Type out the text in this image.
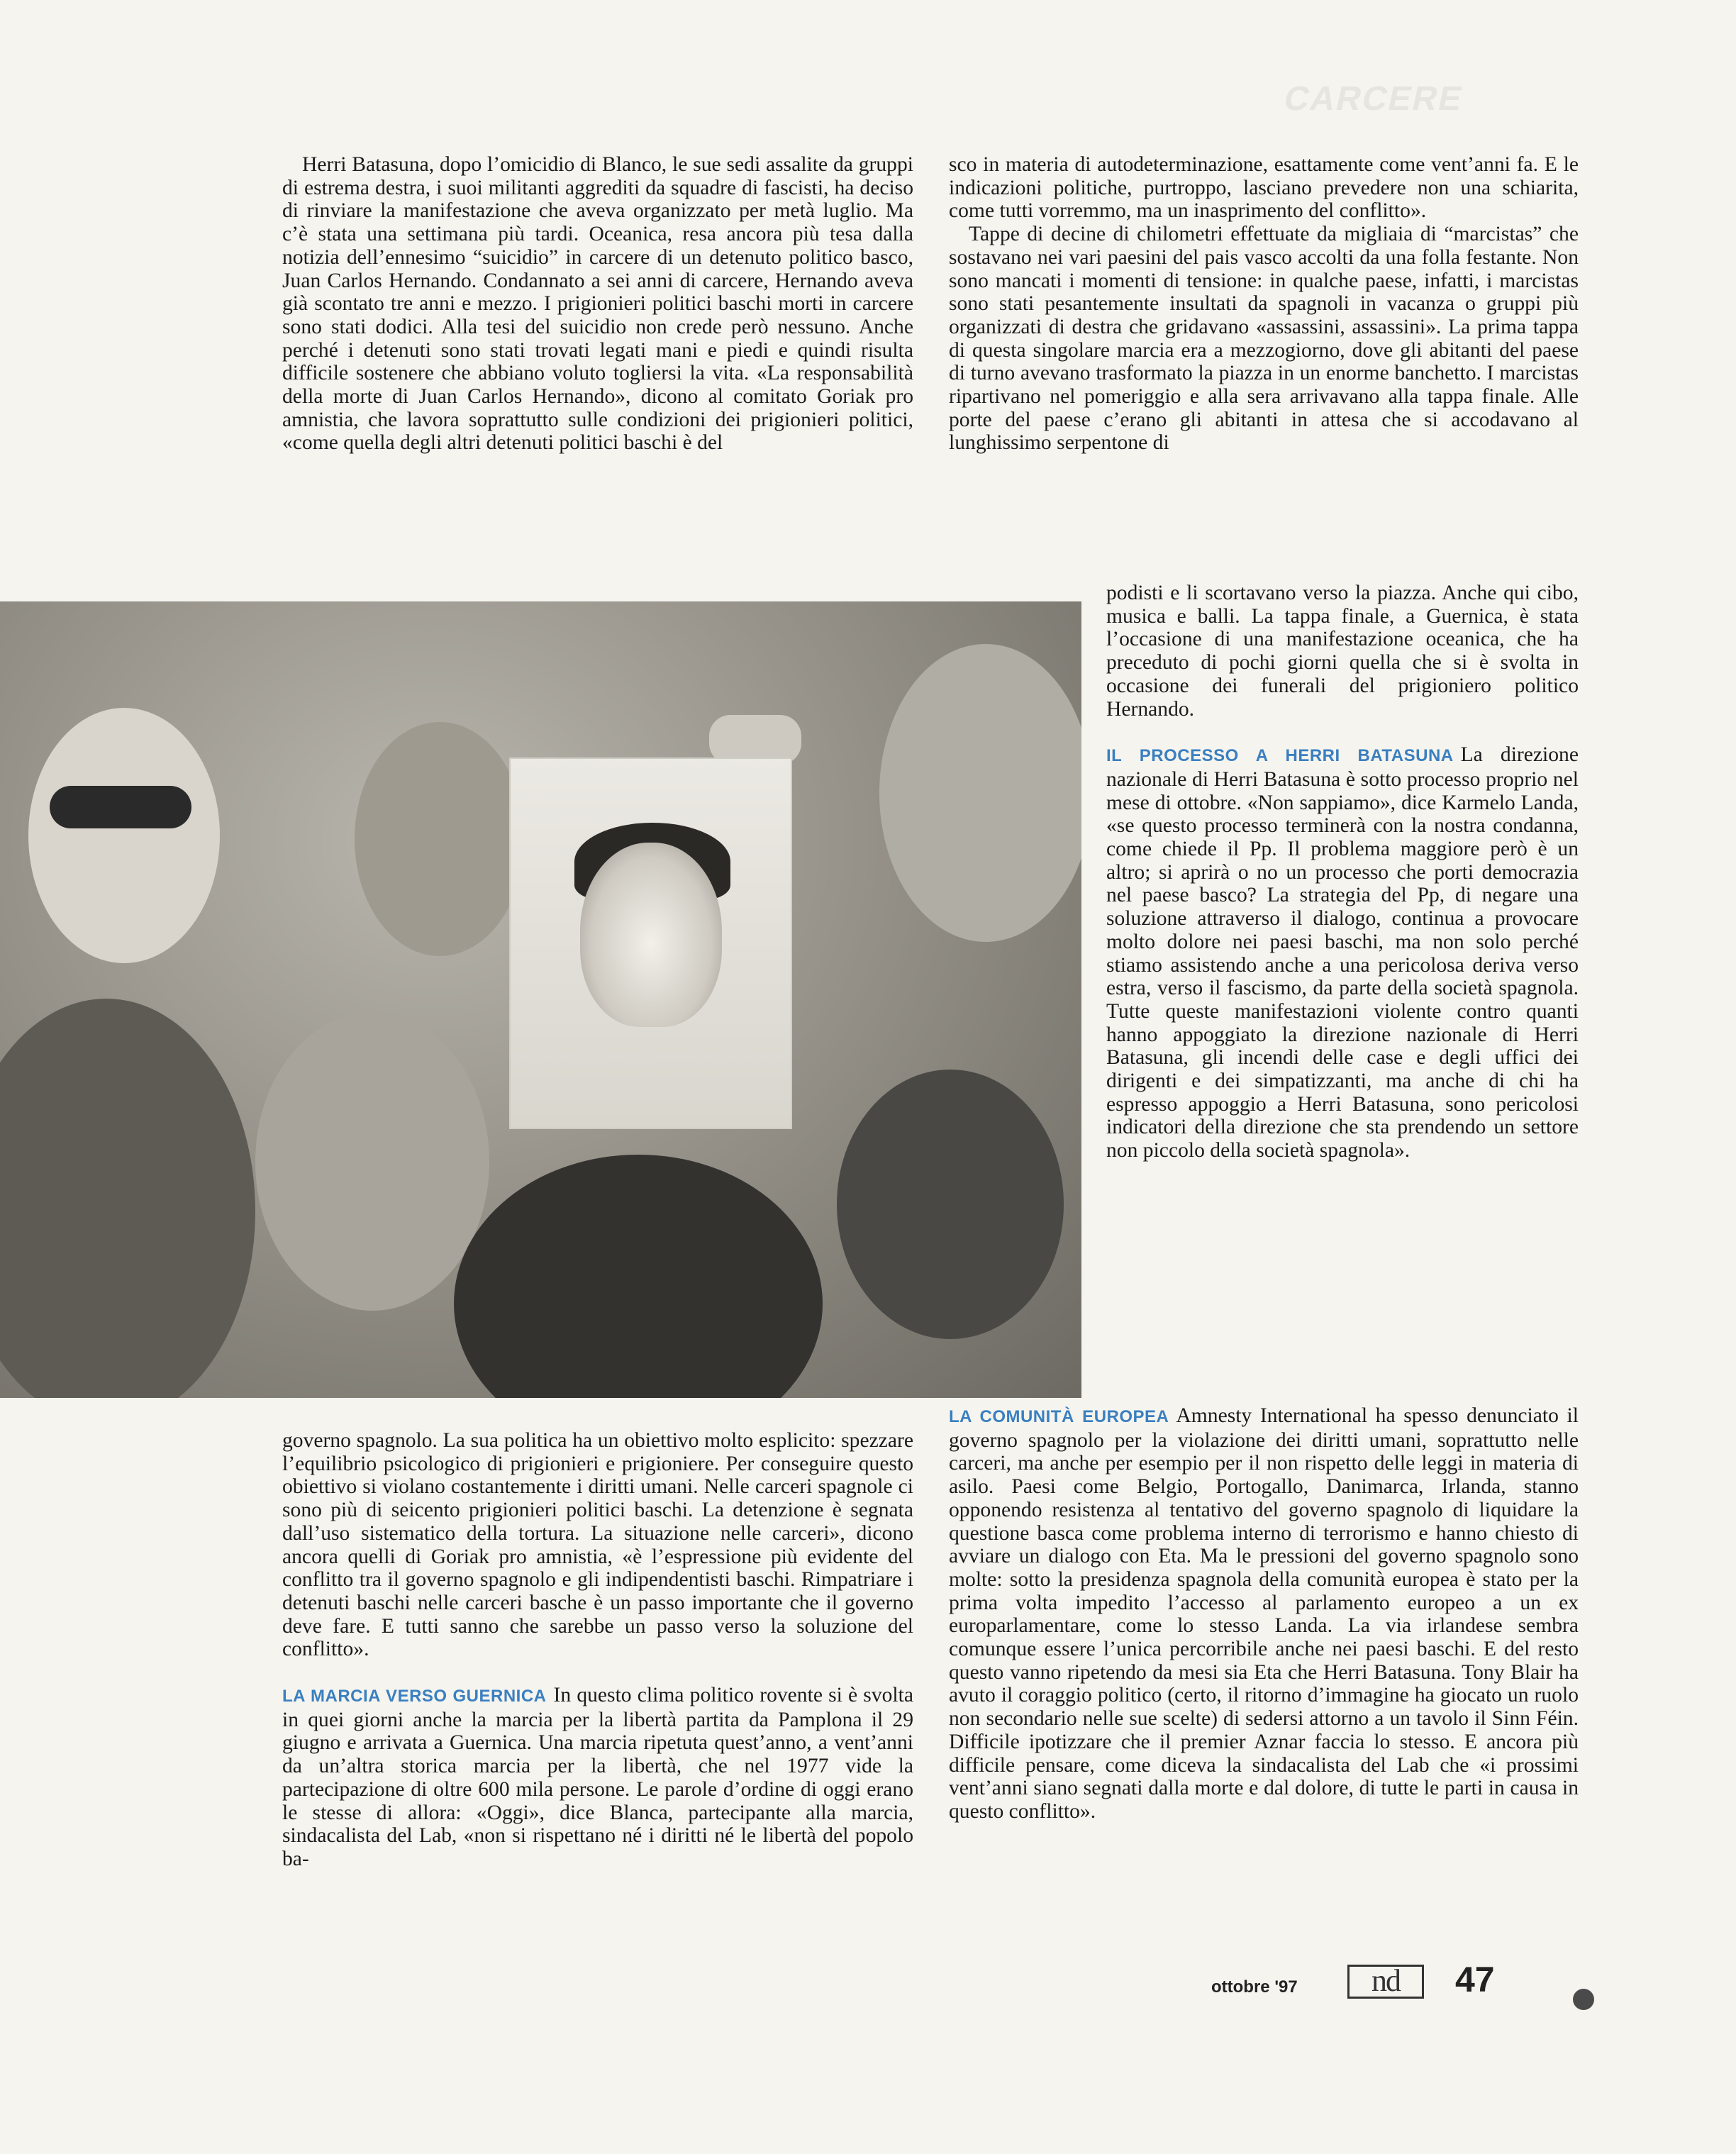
CARCERE

Herri Batasuna, dopo l’omicidio di Blanco, le sue sedi assalite da gruppi di estrema destra, i suoi militanti aggrediti da squadre di fascisti, ha deciso di rinviare la manifestazione che aveva organizzato per metà luglio. Ma c’è stata una settimana più tardi. Oceanica, resa ancora più tesa dalla notizia dell’ennesimo “suicidio” in carcere di un detenuto politico basco, Juan Carlos Hernando. Condannato a sei anni di carcere, Hernando aveva già scontato tre anni e mezzo. I prigionieri politici baschi morti in carcere sono stati dodici. Alla tesi del suicidio non crede però nessuno. Anche perché i detenuti sono stati trovati legati mani e piedi e quindi risulta difficile sostenere che abbiano voluto togliersi la vita. «La responsabilità della morte di Juan Carlos Hernando», dicono al comitato Goriak pro amnistia, che lavora soprattutto sulle condizioni dei prigionieri politici, «come quella degli altri detenuti politici baschi è del

sco in materia di autodeterminazione, esattamente come vent’anni fa. E le indicazioni politiche, purtroppo, lasciano prevedere non una schiarita, come tutti vorremmo, ma un inasprimento del conflitto».

Tappe di decine di chilometri effettuate da migliaia di “marcistas” che sostavano nei vari paesini del pais vasco accolti da una folla festante. Non sono mancati i momenti di tensione: in qualche paese, infatti, i marcistas sono stati pesantemente insultati da spagnoli in vacanza o gruppi più organizzati di destra che gridavano «assassini, assassini». La prima tappa di questa singolare marcia era a mezzogiorno, dove gli abitanti del paese di turno avevano trasformato la piazza in un enorme banchetto. I marcistas ripartivano nel pomeriggio e alla sera arrivavano alla tappa finale. Alle porte del paese c’erano gli abitanti in attesa che si accodavano al lunghissimo serpentone di

podisti e li scortavano verso la piazza. Anche qui cibo, musica e balli. La tappa finale, a Guernica, è stata l’occasione di una manifestazione oceanica, che ha preceduto di pochi giorni quella che si è svolta in occasione dei funerali del prigioniero politico Hernando.

IL PROCESSO A HERRI BATASUNA La direzione nazionale di Herri Batasuna è sotto processo proprio nel mese di ottobre. «Non sappiamo», dice Karmelo Landa, «se questo processo terminerà con la nostra condanna, come chiede il Pp. Il problema maggiore però è un altro; si aprirà o no un processo che porti democrazia nel paese basco? La strategia del Pp, di negare una soluzione attraverso il dialogo, continua a provocare molto dolore nei paesi baschi, ma non solo perché stiamo assistendo anche a una pericolosa deriva verso estra, verso il fascismo, da parte della società spagnola. Tutte queste manifestazioni violente contro quanti hanno appoggiato la direzione nazionale di Herri Batasuna, gli incendi delle case e degli uffici dei dirigenti e dei simpatizzanti, ma anche di chi ha espresso appoggio a Herri Batasuna, sono pericolosi indicatori della direzione che sta prendendo un settore non piccolo della società spagnola».

governo spagnolo. La sua politica ha un obiettivo molto esplicito: spezzare l’equilibrio psicologico di prigionieri e prigioniere. Per conseguire questo obiettivo si violano costantemente i diritti umani. Nelle carceri spagnole ci sono più di seicento prigionieri politici baschi. La detenzione è segnata dall’uso sistematico della tortura. La situazione nelle carceri», dicono ancora quelli di Goriak pro amnistia, «è l’espressione più evidente del conflitto tra il governo spagnolo e gli indipendentisti baschi. Rimpatriare i detenuti baschi nelle carceri basche è un passo importante che il governo deve fare. E tutti sanno che sarebbe un passo verso la soluzione del conflitto».

LA MARCIA VERSO GUERNICA In questo clima politico rovente si è svolta in quei giorni anche la marcia per la libertà partita da Pamplona il 29 giugno e arrivata a Guernica. Una marcia ripetuta quest’anno, a vent’anni da un’altra storica marcia per la libertà, che nel 1977 vide la partecipazione di oltre 600 mila persone. Le parole d’ordine di oggi erano le stesse di allora: «Oggi», dice Blanca, partecipante alla marcia, sindacalista del Lab, «non si rispettano né i diritti né le libertà del popolo ba-

LA COMUNITÀ EUROPEA Amnesty International ha spesso denunciato il governo spagnolo per la violazione dei diritti umani, soprattutto nelle carceri, ma anche per esempio per il non rispetto delle leggi in materia di asilo. Paesi come Belgio, Portogallo, Danimarca, Irlanda, stanno opponendo resistenza al tentativo del governo spagnolo di liquidare la questione basca come problema interno di terrorismo e hanno chiesto di avviare un dialogo con Eta. Ma le pressioni del governo spagnolo sono molte: sotto la presidenza spagnola della comunità europea è stato per la prima volta impedito l’accesso al parlamento europeo a un ex europarlamentare, come lo stesso Landa. La via irlandese sembra comunque essere l’unica percorribile anche nei paesi baschi. E del resto questo vanno ripetendo da mesi sia Eta che Herri Batasuna. Tony Blair ha avuto il coraggio politico (certo, il ritorno d’immagine ha giocato un ruolo non secondario nelle sue scelte) di sedersi attorno a un tavolo il Sinn Féin. Difficile ipotizzare che il premier Aznar faccia lo stesso. E ancora più difficile pensare, come diceva la sindacalista del Lab che «i prossimi vent’anni siano segnati dalla morte e dal dolore, di tutte le parti in causa in questo conflitto».

ottobre '97	nd	47
